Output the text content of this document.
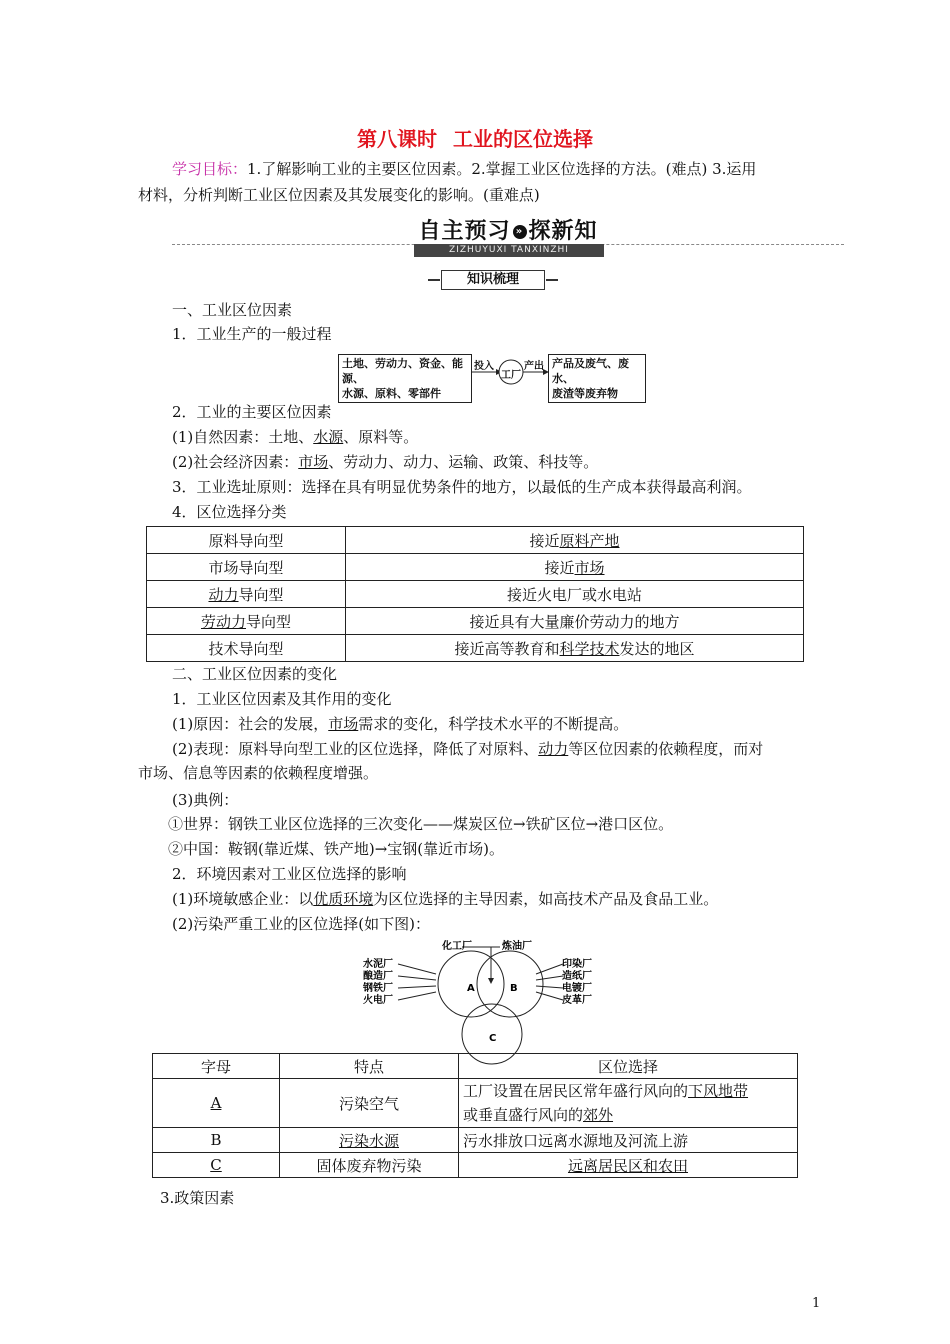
第八课时 工业的区位选择
学习目标：1.了解影响工业的主要区位因素。2.掌握工业区位选择的方法。(难点) 3.运用
材料，分析判断工业区位因素及其发展变化的影响。(重难点)
自主预习 » 探新知
ZIZHUYUXI TANXINZHI
知识梳理
一、工业区位因素
1．工业生产的一般过程
土地、劳动力、资金、能源、
水源、原料、零部件
投入
工厂
产出 产品及废气、废水、
废渣等废弃物
2．工业的主要区位因素
(1)自然因素：土地、水源、原料等。
(2)社会经济因素：市场、劳动力、动力、运输、政策、科技等。
3．工业选址原则：选择在具有明显优势条件的地方，以最低的生产成本获得最高利润。
4．区位选择分类
原料导向型	接近原料产地
市场导向型	接近市场
动力导向型	接近火电厂或水电站
劳动力导向型	接近具有大量廉价劳动力的地方
技术导向型	接近高等教育和科学技术发达的地区
二、工业区位因素的变化
1．工业区位因素及其作用的变化
(1)原因：社会的发展，市场需求的变化，科学技术水平的不断提高。
(2)表现：原料导向型工业的区位选择，降低了对原料、动力等区位因素的依赖程度，而对
市场、信息等因素的依赖程度增强。
(3)典例：
①世界：钢铁工业区位选择的三次变化——煤炭区位→铁矿区位→港口区位。
②中国：鞍钢(靠近煤、铁产地)→宝钢(靠近市场)。
2．环境因素对工业区位选择的影响
(1)环境敏感企业：以优质环境为区位选择的主导因素，如高技术产品及食品工业。
(2)污染严重工业的区位选择(如下图)：
化工厂	炼油厂
水泥厂
酿造厂
钢铁厂
火电厂
印染厂
造纸厂
电镀厂
皮革厂
A	B
C
字母	特点	区位选择
A	污染空气	工厂设置在居民区常年盛行风向的下风地带
或垂直盛行风向的郊外
B	污染水源	污水排放口远离水源地及河流上游
C	固体废弃物污染	远离居民区和农田
3.政策因素
1
